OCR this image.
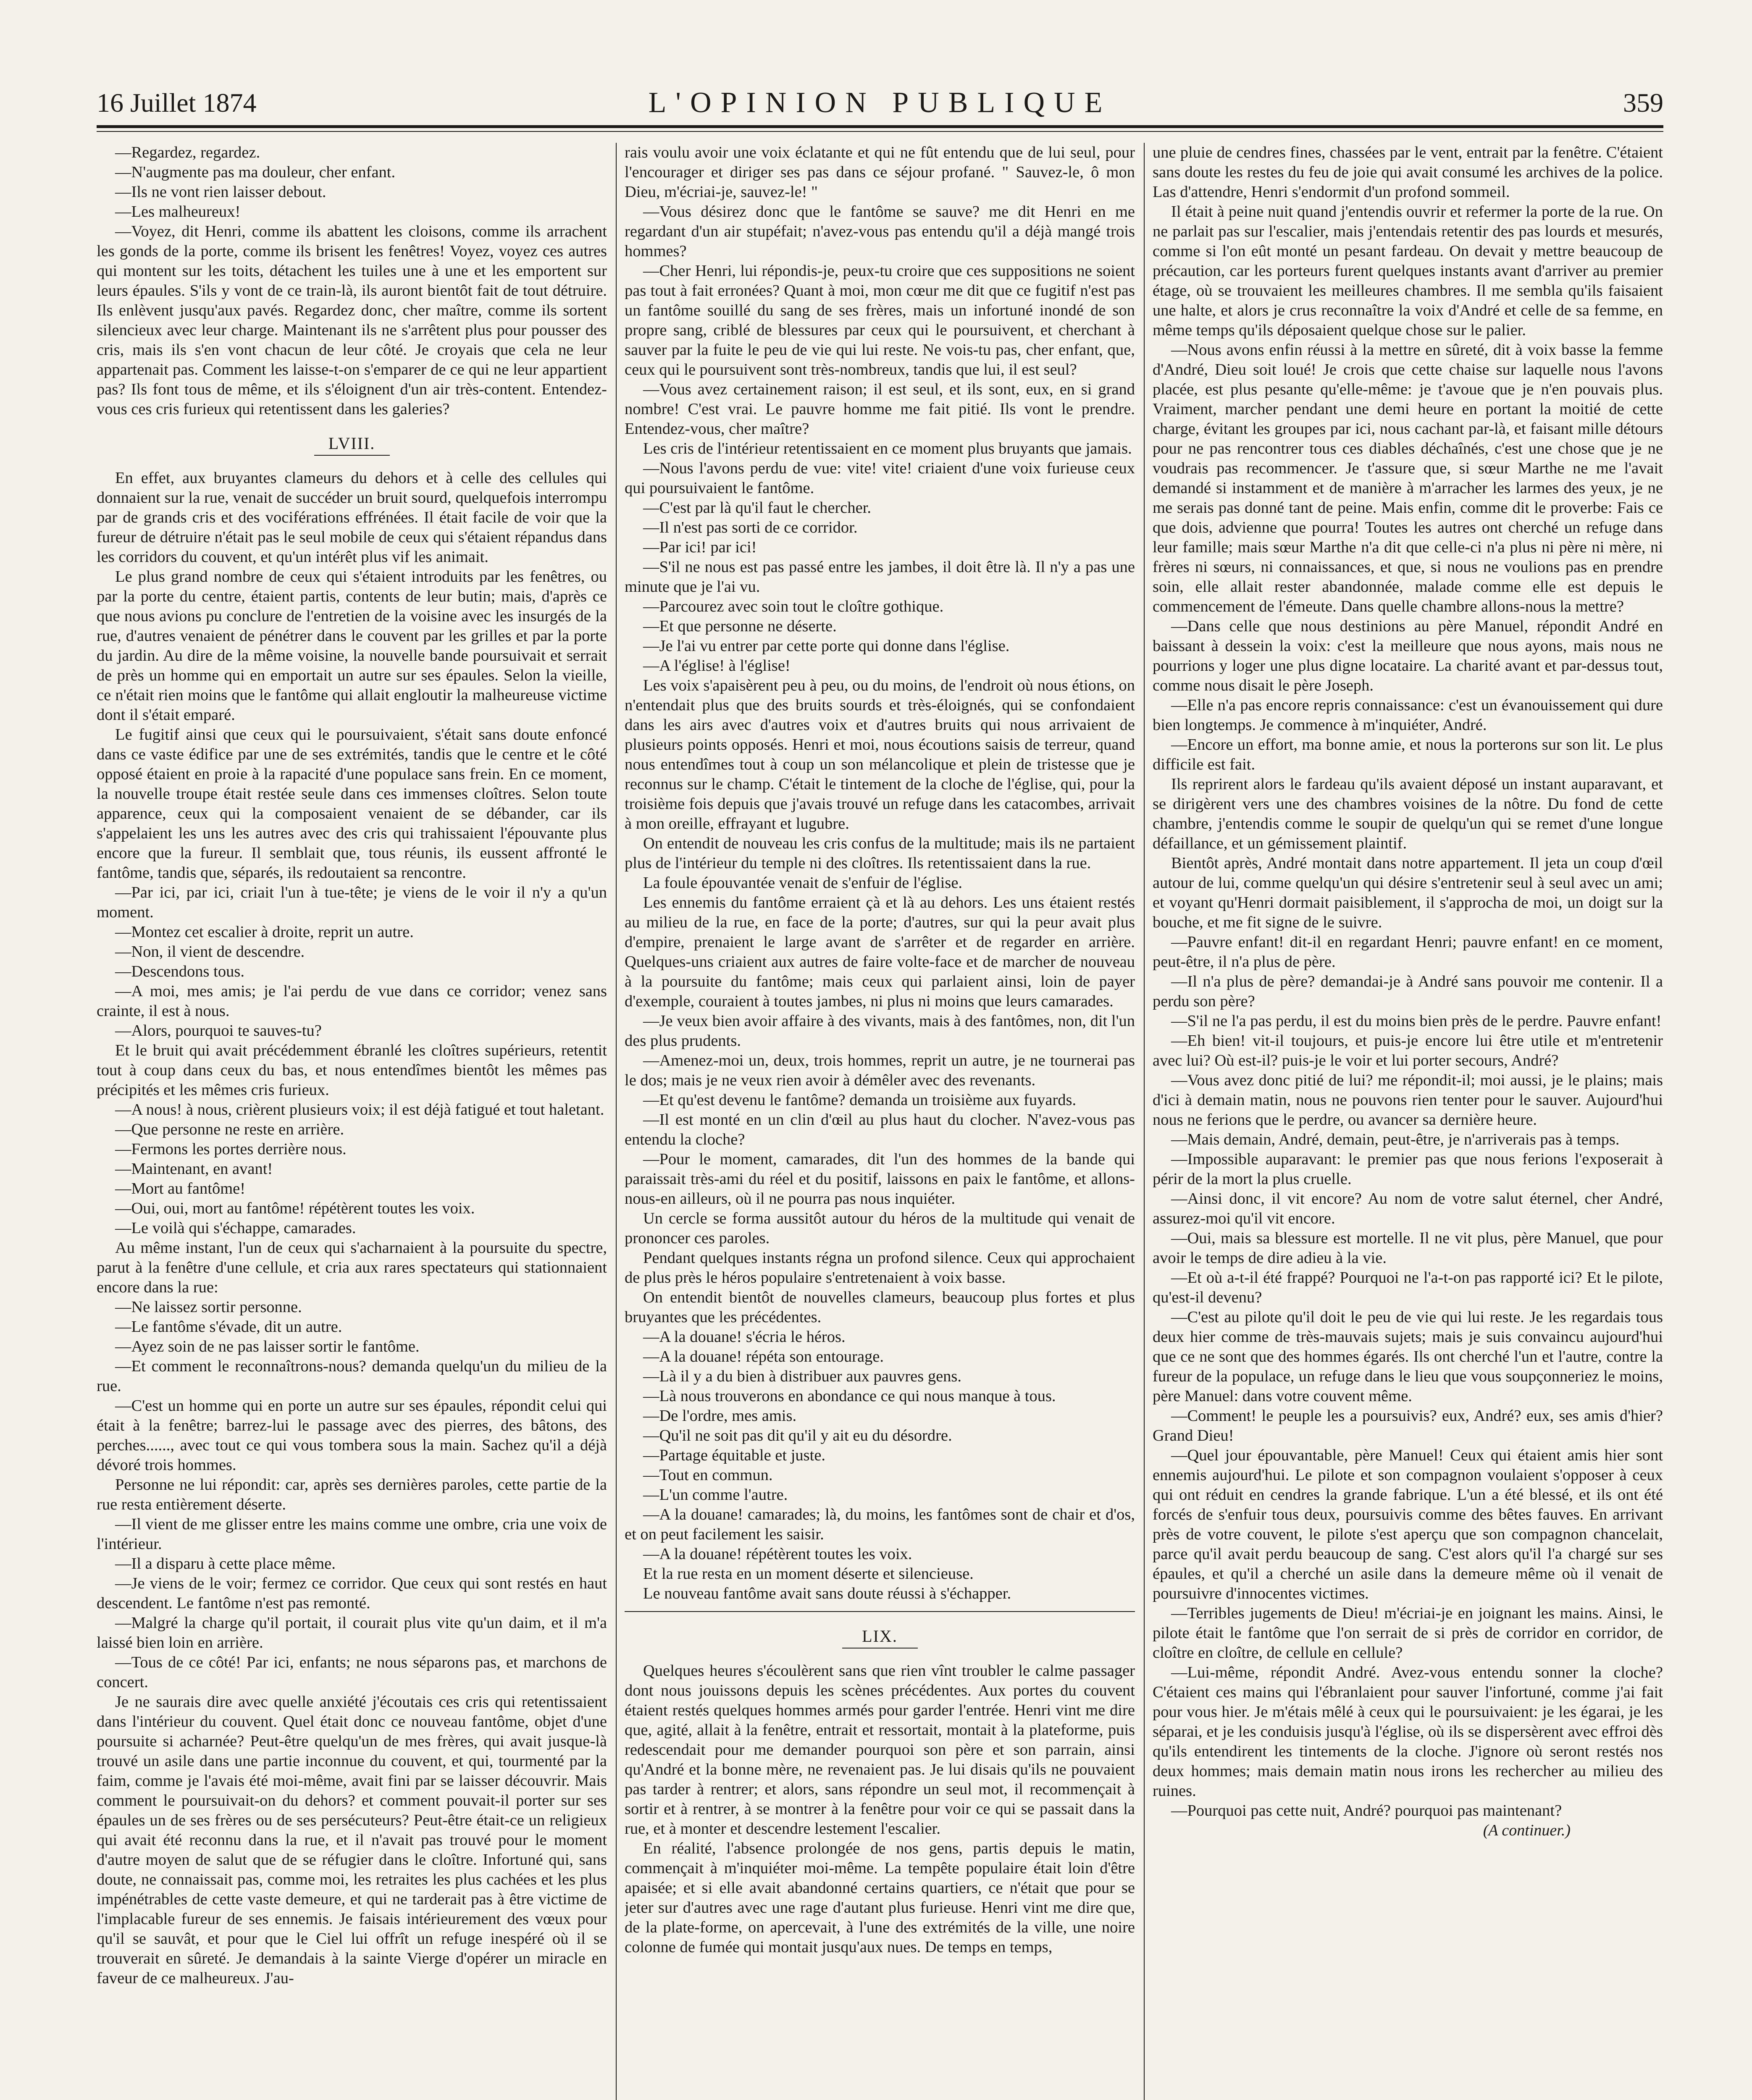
L'OPINION PUBLIQUE
16 Juillet 1874	359

—Regardez, regardez.

—N'augmente pas ma douleur, cher enfant.

—Ils ne vont rien laisser debout.

—Les malheureux!

—Voyez, dit Henri, comme ils abattent les cloisons, comme ils arrachent les gonds de la porte, comme ils brisent les fenêtres! Voyez, voyez ces autres qui montent sur les toits, détachent les tuiles une à une et les emportent sur leurs épaules. S'ils y vont de ce train-là, ils auront bientôt fait de tout détruire. Ils enlèvent jusqu'aux pavés. Regardez donc, cher maître, comme ils sortent silencieux avec leur charge. Maintenant ils ne s'arrêtent plus pour pousser des cris, mais ils s'en vont chacun de leur côté. Je croyais que cela ne leur appartenait pas. Comment les laisse-t-on s'emparer de ce qui ne leur appartient pas? Ils font tous de même, et ils s'éloignent d'un air très-content. Entendez-vous ces cris furieux qui retentissent dans les galeries?

LVIII.

En effet, aux bruyantes clameurs du dehors et à celle des cellules qui donnaient sur la rue, venait de succéder un bruit sourd, quelquefois interrompu par de grands cris et des vociférations effrénées. Il était facile de voir que la fureur de détruire n'était pas le seul mobile de ceux qui s'étaient répandus dans les corridors du couvent, et qu'un intérêt plus vif les animait.

Le plus grand nombre de ceux qui s'étaient introduits par les fenêtres, ou par la porte du centre, étaient partis, contents de leur butin; mais, d'après ce que nous avions pu conclure de l'entretien de la voisine avec les insurgés de la rue, d'autres venaient de pénétrer dans le couvent par les grilles et par la porte du jardin. Au dire de la même voisine, la nouvelle bande poursuivait et serrait de près un homme qui en emportait un autre sur ses épaules. Selon la vieille, ce n'était rien moins que le fantôme qui allait engloutir la malheureuse victime dont il s'était emparé.

Le fugitif ainsi que ceux qui le poursuivaient, s'était sans doute enfoncé dans ce vaste édifice par une de ses extrémités, tandis que le centre et le côté opposé étaient en proie à la rapacité d'une populace sans frein. En ce moment, la nouvelle troupe était restée seule dans ces immenses cloîtres. Selon toute apparence, ceux qui la composaient venaient de se débander, car ils s'appelaient les uns les autres avec des cris qui trahissaient l'épouvante plus encore que la fureur. Il semblait que, tous réunis, ils eussent affronté le fantôme, tandis que, séparés, ils redoutaient sa rencontre.

—Par ici, par ici, criait l'un à tue-tête; je viens de le voir il n'y a qu'un moment.

—Montez cet escalier à droite, reprit un autre.

—Non, il vient de descendre.

—Descendons tous.

—A moi, mes amis; je l'ai perdu de vue dans ce corridor; venez sans crainte, il est à nous.

—Alors, pourquoi te sauves-tu?

Et le bruit qui avait précédemment ébranlé les cloîtres supérieurs, retentit tout à coup dans ceux du bas, et nous entendîmes bientôt les mêmes pas précipités et les mêmes cris furieux.

—A nous! à nous, crièrent plusieurs voix; il est déjà fatigué et tout haletant.

—Que personne ne reste en arrière.

—Fermons les portes derrière nous.

—Maintenant, en avant!

—Mort au fantôme!

—Oui, oui, mort au fantôme! répétèrent toutes les voix.

—Le voilà qui s'échappe, camarades.

Au même instant, l'un de ceux qui s'acharnaient à la poursuite du spectre, parut à la fenêtre d'une cellule, et cria aux rares spectateurs qui stationnaient encore dans la rue:

—Ne laissez sortir personne.

—Le fantôme s'évade, dit un autre.

—Ayez soin de ne pas laisser sortir le fantôme.

—Et comment le reconnaîtrons-nous? demanda quelqu'un du milieu de la rue.

—C'est un homme qui en porte un autre sur ses épaules, répondit celui qui était à la fenêtre; barrez-lui le passage avec des pierres, des bâtons, des perches......, avec tout ce qui vous tombera sous la main. Sachez qu'il a déjà dévoré trois hommes.

Personne ne lui répondit: car, après ses dernières paroles, cette partie de la rue resta entièrement déserte.

—Il vient de me glisser entre les mains comme une ombre, cria une voix de l'intérieur.

—Il a disparu à cette place même.

—Je viens de le voir; fermez ce corridor. Que ceux qui sont restés en haut descendent. Le fantôme n'est pas remonté.

—Malgré la charge qu'il portait, il courait plus vite qu'un daim, et il m'a laissé bien loin en arrière.

—Tous de ce côté! Par ici, enfants; ne nous séparons pas, et marchons de concert.

Je ne saurais dire avec quelle anxiété j'écoutais ces cris qui retentissaient dans l'intérieur du couvent. Quel était donc ce nouveau fantôme, objet d'une poursuite si acharnée? Peut-être quelqu'un de mes frères, qui avait jusque-là trouvé un asile dans une partie inconnue du couvent, et qui, tourmenté par la faim, comme je l'avais été moi-même, avait fini par se laisser découvrir. Mais comment le poursuivait-on du dehors? et comment pouvait-il porter sur ses épaules un de ses frères ou de ses persécuteurs? Peut-être était-ce un religieux qui avait été reconnu dans la rue, et il n'avait pas trouvé pour le moment d'autre moyen de salut que de se réfugier dans le cloître. Infortuné qui, sans doute, ne connaissait pas, comme moi, les retraites les plus cachées et les plus impénétrables de cette vaste demeure, et qui ne tarderait pas à être victime de l'implacable fureur de ses ennemis. Je faisais intérieurement des vœux pour qu'il se sauvât, et pour que le Ciel lui offrît un refuge inespéré où il se trouverait en sûreté. Je demandais à la sainte Vierge d'opérer un miracle en faveur de ce malheureux. J'au-

rais voulu avoir une voix éclatante et qui ne fût entendu que de lui seul, pour l'encourager et diriger ses pas dans ce séjour profané. " Sauvez-le, ô mon Dieu, m'écriai-je, sauvez-le! "

—Vous désirez donc que le fantôme se sauve? me dit Henri en me regardant d'un air stupéfait; n'avez-vous pas entendu qu'il a déjà mangé trois hommes?

—Cher Henri, lui répondis-je, peux-tu croire que ces suppositions ne soient pas tout à fait erronées? Quant à moi, mon cœur me dit que ce fugitif n'est pas un fantôme souillé du sang de ses frères, mais un infortuné inondé de son propre sang, criblé de blessures par ceux qui le poursuivent, et cherchant à sauver par la fuite le peu de vie qui lui reste. Ne vois-tu pas, cher enfant, que, ceux qui le poursuivent sont très-nombreux, tandis que lui, il est seul?

—Vous avez certainement raison; il est seul, et ils sont, eux, en si grand nombre! C'est vrai. Le pauvre homme me fait pitié. Ils vont le prendre. Entendez-vous, cher maître?

Les cris de l'intérieur retentissaient en ce moment plus bruyants que jamais.

—Nous l'avons perdu de vue: vite! vite! criaient d'une voix furieuse ceux qui poursuivaient le fantôme.

—C'est par là qu'il faut le chercher.

—Il n'est pas sorti de ce corridor.

—Par ici! par ici!

—S'il ne nous est pas passé entre les jambes, il doit être là. Il n'y a pas une minute que je l'ai vu.

—Parcourez avec soin tout le cloître gothique.

—Et que personne ne déserte.

—Je l'ai vu entrer par cette porte qui donne dans l'église.

—A l'église! à l'église!

Les voix s'apaisèrent peu à peu, ou du moins, de l'endroit où nous étions, on n'entendait plus que des bruits sourds et très-éloignés, qui se confondaient dans les airs avec d'autres voix et d'autres bruits qui nous arrivaient de plusieurs points opposés. Henri et moi, nous écoutions saisis de terreur, quand nous entendîmes tout à coup un son mélancolique et plein de tristesse que je reconnus sur le champ. C'était le tintement de la cloche de l'église, qui, pour la troisième fois depuis que j'avais trouvé un refuge dans les catacombes, arrivait à mon oreille, effrayant et lugubre.

On entendit de nouveau les cris confus de la multitude; mais ils ne partaient plus de l'intérieur du temple ni des cloîtres. Ils retentissaient dans la rue.

La foule épouvantée venait de s'enfuir de l'église.

Les ennemis du fantôme erraient çà et là au dehors. Les uns étaient restés au milieu de la rue, en face de la porte; d'autres, sur qui la peur avait plus d'empire, prenaient le large avant de s'arrêter et de regarder en arrière. Quelques-uns criaient aux autres de faire volte-face et de marcher de nouveau à la poursuite du fantôme; mais ceux qui parlaient ainsi, loin de payer d'exemple, couraient à toutes jambes, ni plus ni moins que leurs camarades.

—Je veux bien avoir affaire à des vivants, mais à des fantômes, non, dit l'un des plus prudents.

—Amenez-moi un, deux, trois hommes, reprit un autre, je ne tournerai pas le dos; mais je ne veux rien avoir à démêler avec des revenants.

—Et qu'est devenu le fantôme? demanda un troisième aux fuyards.

—Il est monté en un clin d'œil au plus haut du clocher. N'avez-vous pas entendu la cloche?

—Pour le moment, camarades, dit l'un des hommes de la bande qui paraissait très-ami du réel et du positif, laissons en paix le fantôme, et allons-nous-en ailleurs, où il ne pourra pas nous inquiéter.

Un cercle se forma aussitôt autour du héros de la multitude qui venait de prononcer ces paroles.

Pendant quelques instants régna un profond silence. Ceux qui approchaient de plus près le héros populaire s'entretenaient à voix basse.

On entendit bientôt de nouvelles clameurs, beaucoup plus fortes et plus bruyantes que les précédentes.

—A la douane! s'écria le héros.

—A la douane! répéta son entourage.

—Là il y a du bien à distribuer aux pauvres gens.

—Là nous trouverons en abondance ce qui nous manque à tous.

—De l'ordre, mes amis.

—Qu'il ne soit pas dit qu'il y ait eu du désordre.

—Partage équitable et juste.

—Tout en commun.

—L'un comme l'autre.

—A la douane! camarades; là, du moins, les fantômes sont de chair et d'os, et on peut facilement les saisir.

—A la douane! répétèrent toutes les voix.

Et la rue resta en un moment déserte et silencieuse.

Le nouveau fantôme avait sans doute réussi à s'échapper.

LIX.

Quelques heures s'écoulèrent sans que rien vînt troubler le calme passager dont nous jouissons depuis les scènes précédentes. Aux portes du couvent étaient restés quelques hommes armés pour garder l'entrée. Henri vint me dire que, agité, allait à la fenêtre, entrait et ressortait, montait à la plateforme, puis redescendait pour me demander pourquoi son père et son parrain, ainsi qu'André et la bonne mère, ne revenaient pas. Je lui disais qu'ils ne pouvaient pas tarder à rentrer; et alors, sans répondre un seul mot, il recommençait à sortir et à rentrer, à se montrer à la fenêtre pour voir ce qui se passait dans la rue, et à monter et descendre lestement l'escalier.

En réalité, l'absence prolongée de nos gens, partis depuis le matin, commençait à m'inquiéter moi-même. La tempête populaire était loin d'être apaisée; et si elle avait abandonné certains quartiers, ce n'était que pour se jeter sur d'autres avec une rage d'autant plus furieuse. Henri vint me dire que, de la plate-forme, on apercevait, à l'une des extrémités de la ville, une noire colonne de fumée qui montait jusqu'aux nues. De temps en temps,

une pluie de cendres fines, chassées par le vent, entrait par la fenêtre. C'étaient sans doute les restes du feu de joie qui avait consumé les archives de la police. Las d'attendre, Henri s'endormit d'un profond sommeil.

Il était à peine nuit quand j'entendis ouvrir et refermer la porte de la rue. On ne parlait pas sur l'escalier, mais j'entendais retentir des pas lourds et mesurés, comme si l'on eût monté un pesant fardeau. On devait y mettre beaucoup de précaution, car les porteurs furent quelques instants avant d'arriver au premier étage, où se trouvaient les meilleures chambres. Il me sembla qu'ils faisaient une halte, et alors je crus reconnaître la voix d'André et celle de sa femme, en même temps qu'ils déposaient quelque chose sur le palier.

—Nous avons enfin réussi à la mettre en sûreté, dit à voix basse la femme d'André, Dieu soit loué! Je crois que cette chaise sur laquelle nous l'avons placée, est plus pesante qu'elle-même: je t'avoue que je n'en pouvais plus. Vraiment, marcher pendant une demi heure en portant la moitié de cette charge, évitant les groupes par ici, nous cachant par-là, et faisant mille détours pour ne pas rencontrer tous ces diables déchaînés, c'est une chose que je ne voudrais pas recommencer. Je t'assure que, si sœur Marthe ne me l'avait demandé si instamment et de manière à m'arracher les larmes des yeux, je ne me serais pas donné tant de peine. Mais enfin, comme dit le proverbe: Fais ce que dois, advienne que pourra! Toutes les autres ont cherché un refuge dans leur famille; mais sœur Marthe n'a dit que celle-ci n'a plus ni père ni mère, ni frères ni sœurs, ni connaissances, et que, si nous ne voulions pas en prendre soin, elle allait rester abandonnée, malade comme elle est depuis le commencement de l'émeute. Dans quelle chambre allons-nous la mettre?

—Dans celle que nous destinions au père Manuel, répondit André en baissant à dessein la voix: c'est la meilleure que nous ayons, mais nous ne pourrions y loger une plus digne locataire. La charité avant et par-dessus tout, comme nous disait le père Joseph.

—Elle n'a pas encore repris connaissance: c'est un évanouissement qui dure bien longtemps. Je commence à m'inquiéter, André.

—Encore un effort, ma bonne amie, et nous la porterons sur son lit. Le plus difficile est fait.

Ils reprirent alors le fardeau qu'ils avaient déposé un instant auparavant, et se dirigèrent vers une des chambres voisines de la nôtre. Du fond de cette chambre, j'entendis comme le soupir de quelqu'un qui se remet d'une longue défaillance, et un gémissement plaintif.

Bientôt après, André montait dans notre appartement. Il jeta un coup d'œil autour de lui, comme quelqu'un qui désire s'entretenir seul à seul avec un ami; et voyant qu'Henri dormait paisiblement, il s'approcha de moi, un doigt sur la bouche, et me fit signe de le suivre.

—Pauvre enfant! dit-il en regardant Henri; pauvre enfant! en ce moment, peut-être, il n'a plus de père.

—Il n'a plus de père? demandai-je à André sans pouvoir me contenir. Il a perdu son père?

—S'il ne l'a pas perdu, il est du moins bien près de le perdre. Pauvre enfant!

—Eh bien! vit-il toujours, et puis-je encore lui être utile et m'entretenir avec lui? Où est-il? puis-je le voir et lui porter secours, André?

—Vous avez donc pitié de lui? me répondit-il; moi aussi, je le plains; mais d'ici à demain matin, nous ne pouvons rien tenter pour le sauver. Aujourd'hui nous ne ferions que le perdre, ou avancer sa dernière heure.

—Mais demain, André, demain, peut-être, je n'arriverais pas à temps.

—Impossible auparavant: le premier pas que nous ferions l'exposerait à périr de la mort la plus cruelle.

—Ainsi donc, il vit encore? Au nom de votre salut éternel, cher André, assurez-moi qu'il vit encore.

—Oui, mais sa blessure est mortelle. Il ne vit plus, père Manuel, que pour avoir le temps de dire adieu à la vie.

—Et où a-t-il été frappé? Pourquoi ne l'a-t-on pas rapporté ici? Et le pilote, qu'est-il devenu?

—C'est au pilote qu'il doit le peu de vie qui lui reste. Je les regardais tous deux hier comme de très-mauvais sujets; mais je suis convaincu aujourd'hui que ce ne sont que des hommes égarés. Ils ont cherché l'un et l'autre, contre la fureur de la populace, un refuge dans le lieu que vous soupçonneriez le moins, père Manuel: dans votre couvent même.

—Comment! le peuple les a poursuivis? eux, André? eux, ses amis d'hier? Grand Dieu!

—Quel jour épouvantable, père Manuel! Ceux qui étaient amis hier sont ennemis aujourd'hui. Le pilote et son compagnon voulaient s'opposer à ceux qui ont réduit en cendres la grande fabrique. L'un a été blessé, et ils ont été forcés de s'enfuir tous deux, poursuivis comme des bêtes fauves. En arrivant près de votre couvent, le pilote s'est aperçu que son compagnon chancelait, parce qu'il avait perdu beaucoup de sang. C'est alors qu'il l'a chargé sur ses épaules, et qu'il a cherché un asile dans la demeure même où il venait de poursuivre d'innocentes victimes.

—Terribles jugements de Dieu! m'écriai-je en joignant les mains. Ainsi, le pilote était le fantôme que l'on serrait de si près de corridor en corridor, de cloître en cloître, de cellule en cellule?

—Lui-même, répondit André. Avez-vous entendu sonner la cloche? C'étaient ces mains qui l'ébranlaient pour sauver l'infortuné, comme j'ai fait pour vous hier. Je m'étais mêlé à ceux qui le poursuivaient: je les égarai, je les séparai, et je les conduisis jusqu'à l'église, où ils se dispersèrent avec effroi dès qu'ils entendirent les tintements de la cloche. J'ignore où seront restés nos deux hommes; mais demain matin nous irons les rechercher au milieu des ruines.

—Pourquoi pas cette nuit, André? pourquoi pas maintenant?

(A continuer.)
